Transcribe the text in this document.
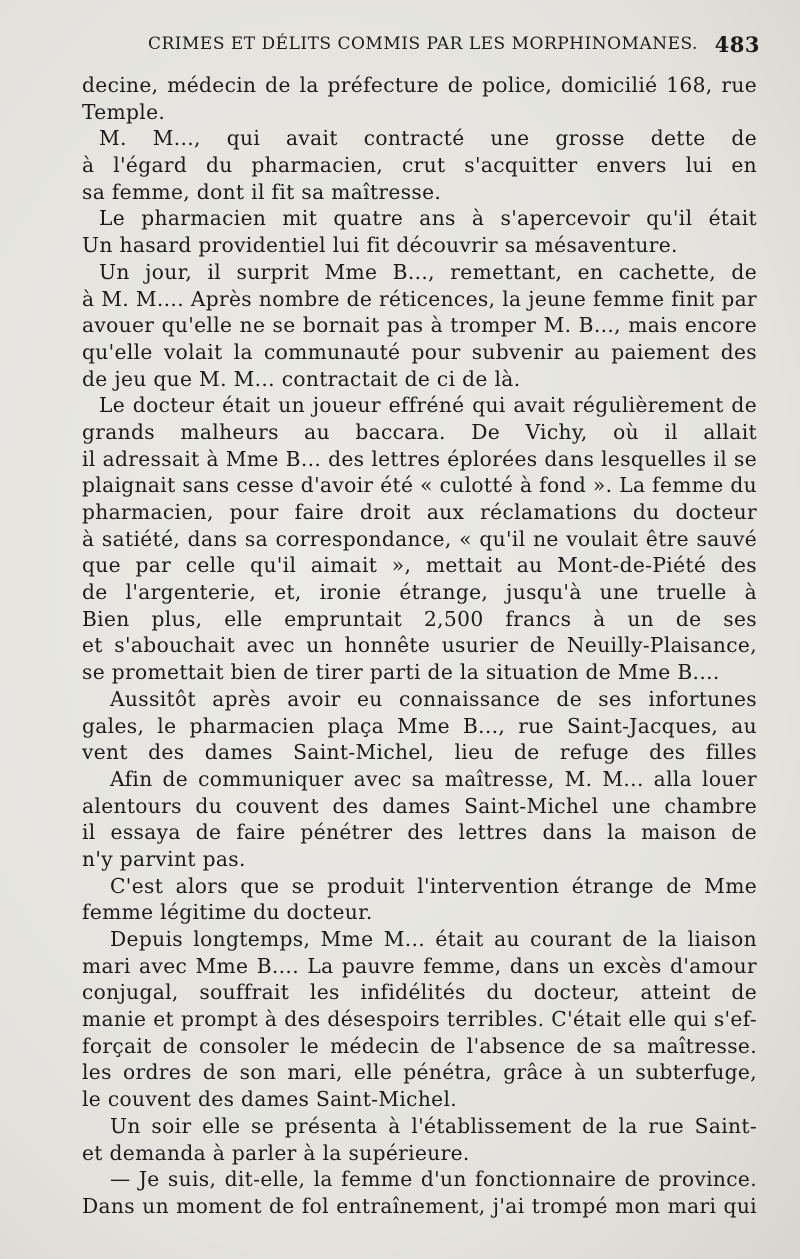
CRIMES ET DÉLITS COMMIS PAR LES MORPHINOMANES. 483
decine, médecin de la préfecture de police, domicilié 168, rue
Temple.
M. M..., qui avait contracté une grosse dette de
à l'égard du pharmacien, crut s'acquitter envers lui en
sa femme, dont il fit sa maîtresse.
Le pharmacien mit quatre ans à s'apercevoir qu'il était
Un hasard providentiel lui fit découvrir sa mésaventure.
Un jour, il surprit Mme B..., remettant, en cachette, de
à M. M.... Après nombre de réticences, la jeune femme finit par
avouer qu'elle ne se bornait pas à tromper M. B..., mais encore
qu'elle volait la communauté pour subvenir au paiement des
de jeu que M. M... contractait de ci de là.
Le docteur était un joueur effréné qui avait régulièrement de
grands malheurs au baccara. De Vichy, où il allait
il adressait à Mme B... des lettres éplorées dans lesquelles il se
plaignait sans cesse d'avoir été « culotté à fond ». La femme du
pharmacien, pour faire droit aux réclamations du docteur
à satiété, dans sa correspondance, « qu'il ne voulait être sauvé
que par celle qu'il aimait », mettait au Mont-de-Piété des
de l'argenterie, et, ironie étrange, jusqu'à une truelle à
Bien plus, elle empruntait 2,500 francs à un de ses
et s'abouchait avec un honnête usurier de Neuilly-Plaisance,
se promettait bien de tirer parti de la situation de Mme B....
Aussitôt après avoir eu connaissance de ses infortunes
gales, le pharmacien plaça Mme B..., rue Saint-Jacques, au
vent des dames Saint-Michel, lieu de refuge des filles
Afin de communiquer avec sa maîtresse, M. M... alla louer
alentours du couvent des dames Saint-Michel une chambre
il essaya de faire pénétrer des lettres dans la maison de
n'y parvint pas.
C'est alors que se produit l'intervention étrange de Mme
femme légitime du docteur.
Depuis longtemps, Mme M... était au courant de la liaison
mari avec Mme B.... La pauvre femme, dans un excès d'amour
conjugal, souffrait les infidélités du docteur, atteint de
manie et prompt à des désespoirs terribles. C'était elle qui s'ef-
forçait de consoler le médecin de l'absence de sa maîtresse.
les ordres de son mari, elle pénétra, grâce à un subterfuge,
le couvent des dames Saint-Michel.
Un soir elle se présenta à l'établissement de la rue Saint-
et demanda à parler à la supérieure.
— Je suis, dit-elle, la femme d'un fonctionnaire de province.
Dans un moment de fol entraînement, j'ai trompé mon mari qui
